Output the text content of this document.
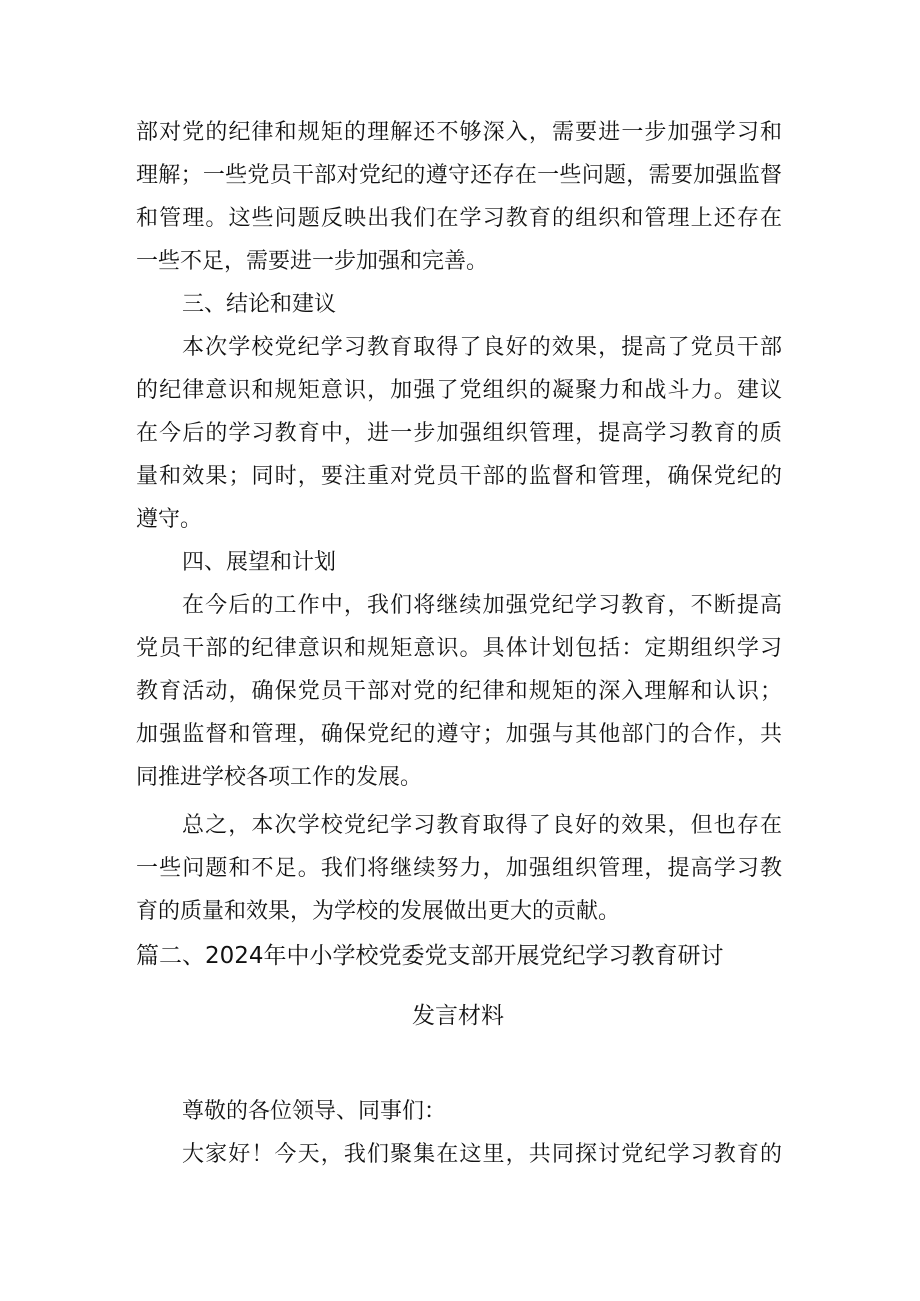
部对党的纪律和规矩的理解还不够深入，需要进一步加强学习和
理解；一些党员干部对党纪的遵守还存在一些问题，需要加强监督
和管理。这些问题反映出我们在学习教育的组织和管理上还存在
一些不足，需要进一步加强和完善。
三、结论和建议
本次学校党纪学习教育取得了良好的效果，提高了党员干部
的纪律意识和规矩意识，加强了党组织的凝聚力和战斗力。建议
在今后的学习教育中，进一步加强组织管理，提高学习教育的质
量和效果；同时，要注重对党员干部的监督和管理，确保党纪的
遵守。
四、展望和计划
在今后的工作中，我们将继续加强党纪学习教育，不断提高
党员干部的纪律意识和规矩意识。具体计划包括：定期组织学习
教育活动，确保党员干部对党的纪律和规矩的深入理解和认识；
加强监督和管理，确保党纪的遵守；加强与其他部门的合作，共
同推进学校各项工作的发展。
总之，本次学校党纪学习教育取得了良好的效果，但也存在
一些问题和不足。我们将继续努力，加强组织管理，提高学习教
育的质量和效果，为学校的发展做出更大的贡献。
篇二、2024年中小学校党委党支部开展党纪学习教育研讨
发言材料
尊敬的各位领导、同事们：
大家好！今天，我们聚集在这里，共同探讨党纪学习教育的
